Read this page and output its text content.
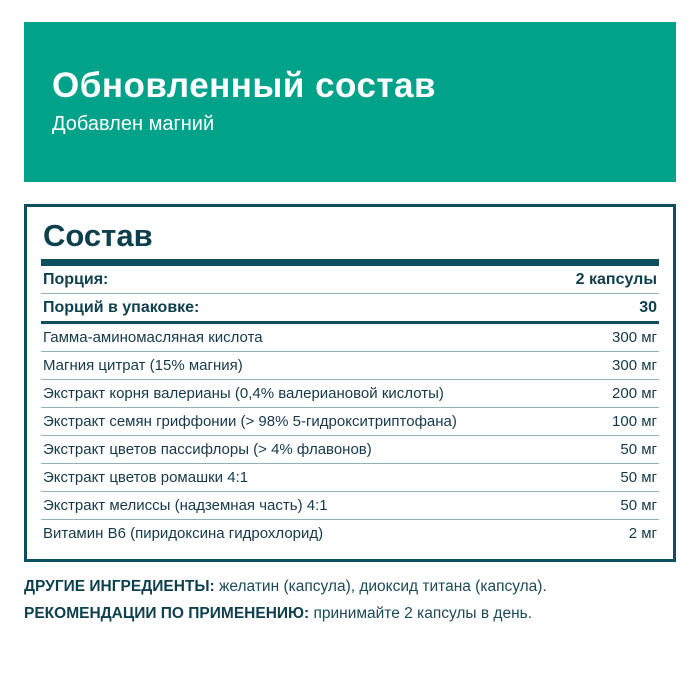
Обновленный состав
Добавлен магний
Состав
Порция:	2 капсулы
Порций в упаковке:	30
Гамма-аминомасляная кислота	300 мг
Магния цитрат (15% магния)	300 мг
Экстракт корня валерианы (0,4% валериановой кислоты)	200 мг
Экстракт семян гриффонии (> 98% 5-гидрокситриптофана)	100 мг
Экстракт цветов пассифлоры (> 4% флавонов)	50 мг
Экстракт цветов ромашки 4:1	50 мг
Экстракт мелиссы (надземная часть) 4:1	50 мг
Витамин B6 (пиридоксина гидрохлорид)	2 мг
ДРУГИЕ ИНГРЕДИЕНТЫ: желатин (капсула), диоксид титана (капсула).
РЕКОМЕНДАЦИИ ПО ПРИМЕНЕНИЮ: принимайте 2 капсулы в день.
